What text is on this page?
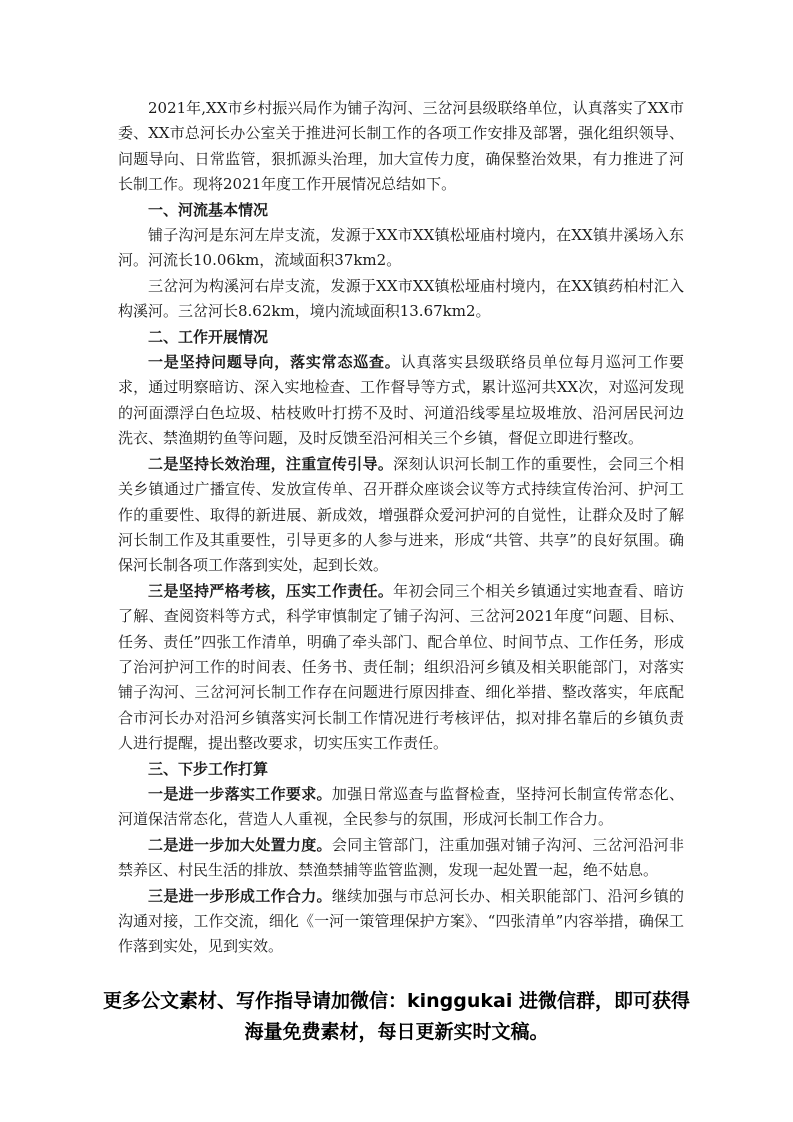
2021年,XX市乡村振兴局作为铺子沟河、三岔河县级联络单位，认真落实了XX市委、XX市总河长办公室关于推进河长制工作的各项工作安排及部署，强化组织领导、问题导向、日常监管，狠抓源头治理，加大宣传力度，确保整治效果，有力推进了河长制工作。现将2021年度工作开展情况总结如下。

一、河流基本情况

铺子沟河是东河左岸支流，发源于XX市XX镇松垭庙村境内，在XX镇井溪场入东河。河流长10.06km，流域面积37km2。

三岔河为构溪河右岸支流，发源于XX市XX镇松垭庙村境内，在XX镇药柏村汇入构溪河。三岔河长8.62km，境内流域面积13.67km2。

二、工作开展情况

一是坚持问题导向，落实常态巡查。认真落实县级联络员单位每月巡河工作要求，通过明察暗访、深入实地检查、工作督导等方式，累计巡河共XX次，对巡河发现的河面漂浮白色垃圾、枯枝败叶打捞不及时、河道沿线零星垃圾堆放、沿河居民河边洗衣、禁渔期钓鱼等问题，及时反馈至沿河相关三个乡镇，督促立即进行整改。

二是坚持长效治理，注重宣传引导。深刻认识河长制工作的重要性，会同三个相关乡镇通过广播宣传、发放宣传单、召开群众座谈会议等方式持续宣传治河、护河工作的重要性、取得的新进展、新成效，增强群众爱河护河的自觉性，让群众及时了解河长制工作及其重要性，引导更多的人参与进来，形成“共管、共享”的良好氛围。确保河长制各项工作落到实处，起到长效。

三是坚持严格考核，压实工作责任。年初会同三个相关乡镇通过实地查看、暗访了解、查阅资料等方式，科学审慎制定了铺子沟河、三岔河2021年度“问题、目标、任务、责任”四张工作清单，明确了牵头部门、配合单位、时间节点、工作任务，形成了治河护河工作的时间表、任务书、责任制；组织沿河乡镇及相关职能部门，对落实铺子沟河、三岔河河长制工作存在问题进行原因排查、细化举措、整改落实，年底配合市河长办对沿河乡镇落实河长制工作情况进行考核评估，拟对排名靠后的乡镇负责人进行提醒，提出整改要求，切实压实工作责任。

三、下步工作打算

一是进一步落实工作要求。加强日常巡查与监督检查，坚持河长制宣传常态化、河道保洁常态化，营造人人重视，全民参与的氛围，形成河长制工作合力。

二是进一步加大处置力度。会同主管部门，注重加强对铺子沟河、三岔河沿河非禁养区、村民生活的排放、禁渔禁捕等监管监测，发现一起处置一起，绝不姑息。

三是进一步形成工作合力。继续加强与市总河长办、相关职能部门、沿河乡镇的沟通对接，工作交流，细化《一河一策管理保护方案》、“四张清单”内容举措，确保工作落到实处，见到实效。

更多公文素材、写作指导请加微信：kinggukai 进微信群，即可获得
海量免费素材，每日更新实时文稿。
